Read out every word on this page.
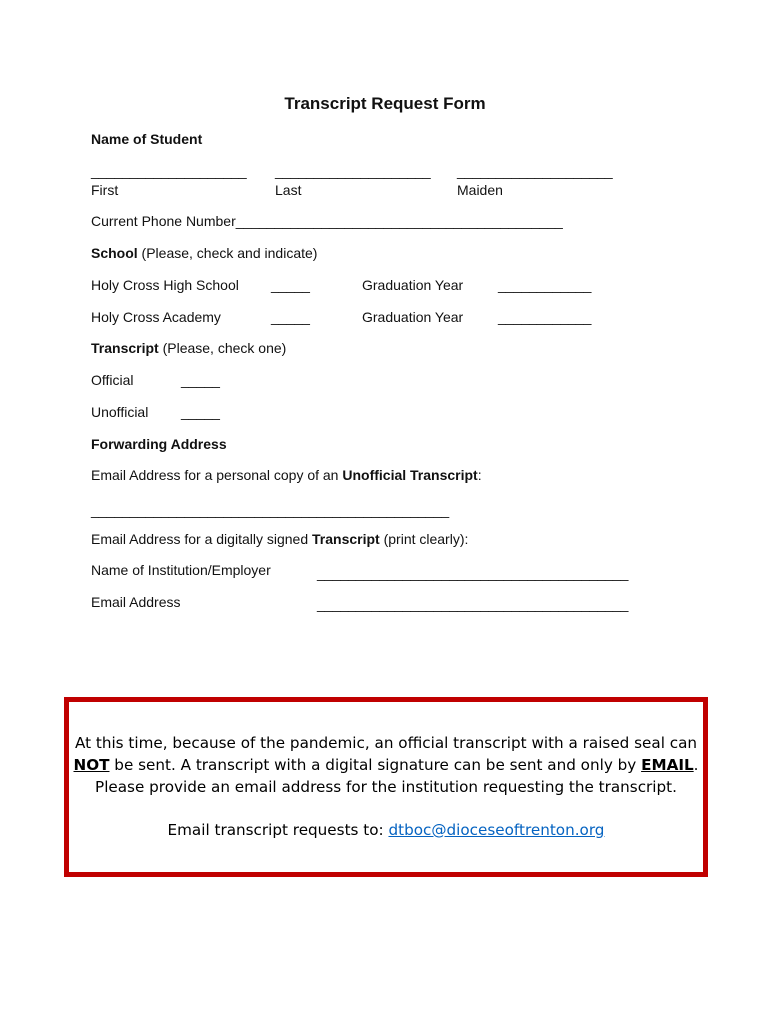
Transcript Request Form
Name of Student
____________________ ____________________ ____________________
First	Last	Maiden
Current Phone Number__________________________________________
School (Please, check and indicate)
Holy Cross High School _____	Graduation Year ____________
Holy Cross Academy	_____	Graduation Year ____________
Transcript (Please, check one)
Official	_____
Unofficial _____
Forwarding Address
Email Address for a personal copy of an Unofficial Transcript:
______________________________________________
Email Address for a digitally signed Transcript (print clearly):
Name of Institution/Employer	________________________________________
Email Address	________________________________________
At this time, because of the pandemic, an official transcript with a raised seal can
NOT be sent. A transcript with a digital signature can be sent and only by EMAIL.
Please provide an email address for the institution requesting the transcript.
Email transcript requests to: dtboc@dioceseoftrenton.org
